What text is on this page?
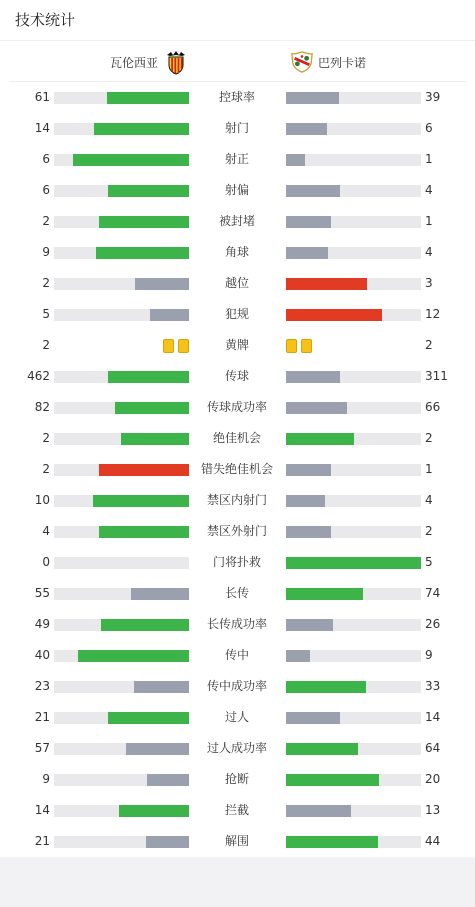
技术统计
瓦伦西亚	巴列卡诺
61	控球率	39
14	射门	6
6	射正	1
6	射偏	4
2	被封堵	1
9	角球	4
2	越位	3
5	犯规	12
2	黄牌	2
462	传球	311
82	传球成功率	66
2	绝佳机会	2
2	错失绝佳机会	1
10	禁区内射门	4
4	禁区外射门	2
0	门将扑救	5
55	长传	74
49	长传成功率	26
40	传中	9
23	传中成功率	33
21	过人	14
57	过人成功率	64
9	抢断	20
14	拦截	13
21	解围	44
